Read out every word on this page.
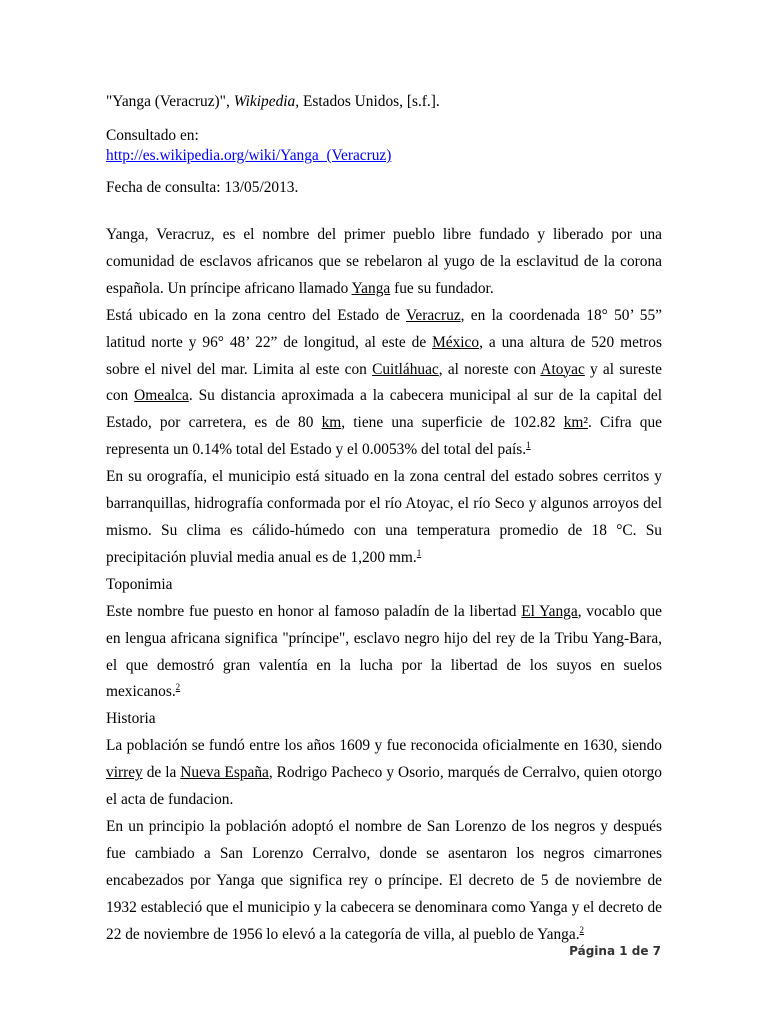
"Yanga (Veracruz)", Wikipedia, Estados Unidos, [s.f.].
Consultado en:
http://es.wikipedia.org/wiki/Yanga_(Veracruz)
Fecha de consulta: 13/05/2013.

Yanga, Veracruz, es el nombre del primer pueblo libre fundado y liberado por una comunidad de esclavos africanos que se rebelaron al yugo de la esclavitud de la corona española. Un príncipe africano llamado Yanga fue su fundador.

Está ubicado en la zona centro del Estado de Veracruz, en la coordenada 18° 50’ 55” latitud norte y 96° 48’ 22” de longitud, al este de México, a una altura de 520 metros sobre el nivel del mar. Limita al este con Cuitláhuac, al noreste con Atoyac y al sureste con Omealca. Su distancia aproximada a la cabecera municipal al sur de la capital del Estado, por carretera, es de 80 km, tiene una superficie de 102.82 km². Cifra que representa un 0.14% total del Estado y el 0.0053% del total del país.$^1$

En su orografía, el municipio está situado en la zona central del estado sobres cerritos y barranquillas, hidrografía conformada por el río Atoyac, el río Seco y algunos arroyos del mismo. Su clima es cálido-húmedo con una temperatura promedio de 18 °C. Su precipitación pluvial media anual es de 1,200 mm.$^1$

Toponimia

Este nombre fue puesto en honor al famoso paladín de la libertad El Yanga, vocablo que en lengua africana significa "príncipe", esclavo negro hijo del rey de la Tribu Yang-Bara, el que demostró gran valentía en la lucha por la libertad de los suyos en suelos mexicanos.$^2$

Historia

La población se fundó entre los años 1609 y fue reconocida oficialmente en 1630, siendo virrey de la Nueva España, Rodrigo Pacheco y Osorio, marqués de Cerralvo, quien otorgo el acta de fundacion.

En un principio la población adoptó el nombre de San Lorenzo de los negros y después fue cambiado a San Lorenzo Cerralvo, donde se asentaron los negros cimarrones encabezados por Yanga que significa rey o príncipe. El decreto de 5 de noviembre de 1932 estableció que el municipio y la cabecera se denominara como Yanga y el decreto de 22 de noviembre de 1956 lo elevó a la categoría de villa, al pueblo de Yanga.$^2$

Página 1 de 7
